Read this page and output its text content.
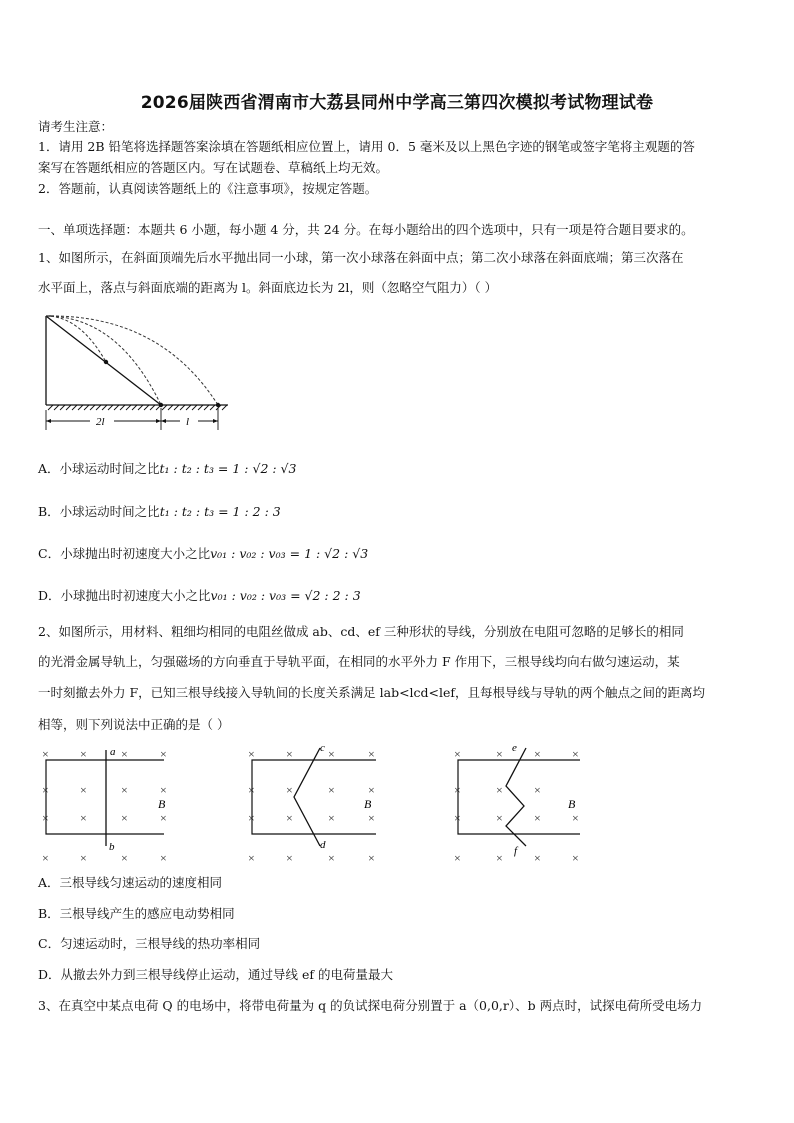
2026届陕西省渭南市大荔县同州中学高三第四次模拟考试物理试卷
请考生注意：
1．请用 2B 铅笔将选择题答案涂填在答题纸相应位置上，请用 0．5 毫米及以上黑色字迹的钢笔或签字笔将主观题的答
案写在答题纸相应的答题区内。写在试题卷、草稿纸上均无效。
2．答题前，认真阅读答题纸上的《注意事项》，按规定答题。
一、单项选择题：本题共 6 小题，每小题 4 分，共 24 分。在每小题给出的四个选项中，只有一项是符合题目要求的。
1、如图所示，在斜面顶端先后水平抛出同一小球，第一次小球落在斜面中点；第二次小球落在斜面底端；第三次落在
水平面上，落点与斜面底端的距离为 l。斜面底边长为 2l，则（忽略空气阻力）（ ）
2l	l
A．小球运动时间之比t₁ : t₂ : t₃ = 1 : √2 : √3
B．小球运动时间之比t₁ : t₂ : t₃ = 1 : 2 : 3
C．小球抛出时初速度大小之比v₀₁ : v₀₂ : v₀₃ = 1 : √2 : √3
D．小球抛出时初速度大小之比v₀₁ : v₀₂ : v₀₃ = √2 : 2 : 3
2、如图所示，用材料、粗细均相同的电阻丝做成 ab、cd、ef 三种形状的导线，分别放在电阻可忽略的足够长的相同
的光滑金属导轨上，匀强磁场的方向垂直于导轨平面，在相同的水平外力 F 作用下，三根导线均向右做匀速运动，某
一时刻撤去外力 F，已知三根导线接入导轨间的长度关系满足 lab<lcd<lef，且每根导线与导轨的两个触点之间的距离均
相等，则下列说法中正确的是（ ）
×	×	×	×
×	×	×	×
×	×	×	×
×	×	×	×
×	×	×	×
×	×	×	×
×	×	×	×
×	×	×	×
×	×	×	×
×	×	×
×	×	×	×
×	×	×	×
a
b
B
c
d
B
e
f
B
A．三根导线匀速运动的速度相同
B．三根导线产生的感应电动势相同
C．匀速运动时，三根导线的热功率相同
D．从撤去外力到三根导线停止运动，通过导线 ef 的电荷量最大
3、在真空中某点电荷 Q 的电场中，将带电荷量为 q 的负试探电荷分别置于 a（0,0,r）、b 两点时，试探电荷所受电场力
